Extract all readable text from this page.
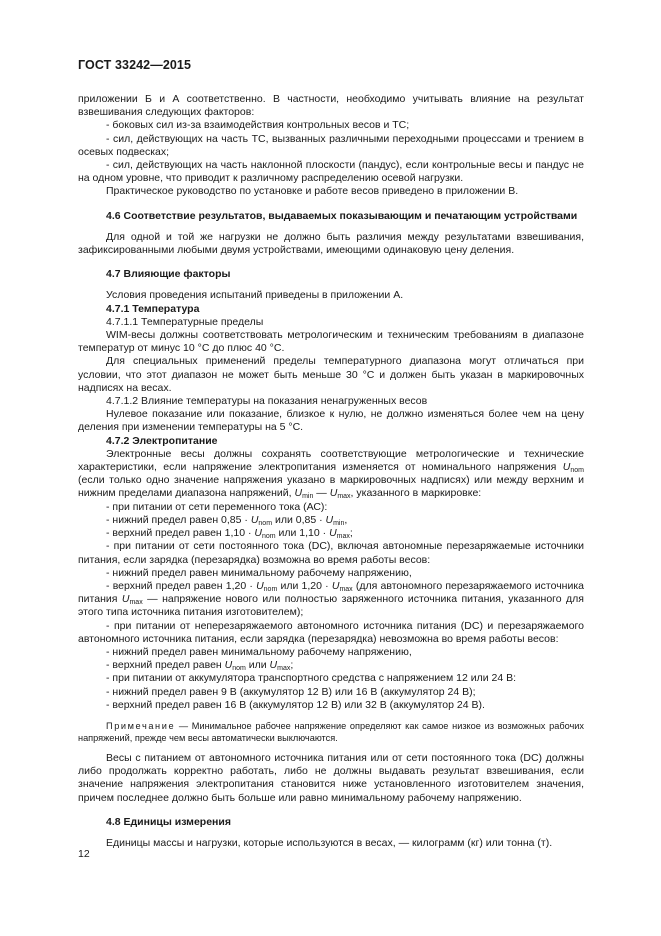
ГОСТ 33242—2015

приложении Б и А соответственно. В частности, необходимо учитывать влияние на результат взвешивания следующих факторов:

- боковых сил из-за взаимодействия контрольных весов и ТС;

- сил, действующих на часть ТС, вызванных различными переходными процессами и трением в осевых подвесках;

- сил, действующих на часть наклонной плоскости (пандус), если контрольные весы и пандус не на одном уровне, что приводит к различному распределению осевой нагрузки.

Практическое руководство по установке и работе весов приведено в приложении В.

4.6 Соответствие результатов, выдаваемых показывающим и печатающим устройствами

Для одной и той же нагрузки не должно быть различия между результатами взвешивания, зафиксированными любыми двумя устройствами, имеющими одинаковую цену деления.

4.7 Влияющие факторы

Условия проведения испытаний приведены в приложении А.

4.7.1 Температура

4.7.1.1 Температурные пределы

WIM-весы должны соответствовать метрологическим и техническим требованиям в диапазоне температур от минус 10 °С до плюс 40 °С.

Для специальных применений пределы температурного диапазона могут отличаться при условии, что этот диапазон не может быть меньше 30 °С и должен быть указан в маркировочных надписях на весах.

4.7.1.2 Влияние температуры на показания ненагруженных весов

Нулевое показание или показание, близкое к нулю, не должно изменяться более чем на цену деления при изменении температуры на 5 °С.

4.7.2 Электропитание

Электронные весы должны сохранять соответствующие метрологические и технические характеристики, если напряжение электропитания изменяется от номинального напряжения $U_{nom}$ (если только одно значение напряжения указано в маркировочных надписях) или между верхним и нижним пределами диапазона напряжений, $U_{min}$ — $U_{max}$, указанного в маркировке:

- при питании от сети переменного тока (АС):

- нижний предел равен $0,85 \cdot U_{nom}$ или $0,85 \cdot U_{min}$,

- верхний предел равен $1,10 \cdot U_{nom}$ или $1,10 \cdot U_{max}$;

- при питании от сети постоянного тока (DC), включая автономные перезаряжаемые источники питания, если зарядка (перезарядка) возможна во время работы весов:

- нижний предел равен минимальному рабочему напряжению,

- верхний предел равен $1,20 \cdot U_{nom}$ или $1,20 \cdot U_{max}$ (для автономного перезаряжаемого источника питания $U_{max}$ — напряжение нового или полностью заряженного источника питания, указанного для этого типа источника питания изготовителем);

- при питании от неперезаряжаемого автономного источника питания (DC) и перезаряжаемого автономного источника питания, если зарядка (перезарядка) невозможна во время работы весов:

- нижний предел равен минимальному рабочему напряжению,

- верхний предел равен $U_{nom}$ или $U_{max}$;

- при питании от аккумулятора транспортного средства с напряжением 12 или 24 В:

- нижний предел равен 9 В (аккумулятор 12 В) или 16 В (аккумулятор 24 В);

- верхний предел равен 16 В (аккумулятор 12 В) или 32 В (аккумулятор 24 В).

Примечание — Минимальное рабочее напряжение определяют как самое низкое из возможных рабочих напряжений, прежде чем весы автоматически выключаются.

Весы с питанием от автономного источника питания или от сети постоянного тока (DC) должны либо продолжать корректно работать, либо не должны выдавать результат взвешивания, если значение напряжения электропитания становится ниже установленного изготовителем значения, причем последнее должно быть больше или равно минимальному рабочему напряжению.

4.8 Единицы измерения

Единицы массы и нагрузки, которые используются в весах, — килограмм (кг) или тонна (т).

12
